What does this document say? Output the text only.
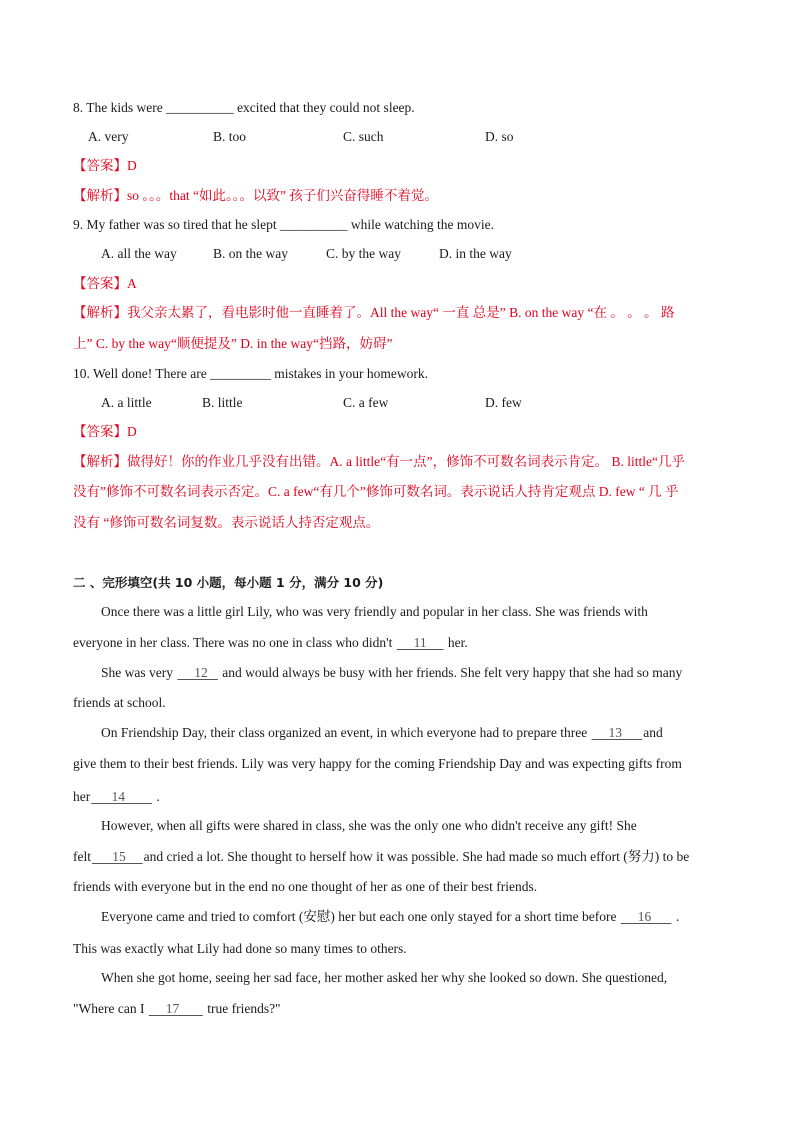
8. The kids were __________ excited that they could not sleep.
A. very	B. too	C. such	D. so
【答案】D
【解析】so 。。。that “如此。。。以致” 孩子们兴奋得睡不着觉。
9. My father was so tired that he slept __________ while watching the movie.
A. all the way	B. on the way	C. by the way	D. in the way
【答案】A
【解析】我父亲太累了，看电影时他一直睡着了。All the way“ 一直 总是” B. on the way “在 。 。 。 路
上” C. by the way“顺便提及” D. in the way“挡路，妨碍”
10. Well done! There are _________ mistakes in your homework.
A. a little	B. little	C. a few	D. few
【答案】D
【解析】做得好！你的作业几乎没有出错。A. a little“有一点”，修饰不可数名词表示肯定。 B. little“几乎
没有”修饰不可数名词表示否定。C. a few“有几个”修饰可数名词。表示说话人持肯定观点 D. few “ 几 乎
没有 “修饰可数名词复数。表示说话人持否定观点。
二 、完形填空(共 10 小题，每小题 1 分，满分 10 分)
Once there was a little girl Lily, who was very friendly and popular in her class. She was friends with
everyone in her class. There was no one in class who didn't      11      her.
She was very      12    and would always be busy with her friends. She felt very happy that she had so many
friends at school.
On Friendship Day, their class organized an event, in which everyone had to prepare three      13      and
give them to their best friends. Lily was very happy for the coming Friendship Day and was expecting gifts from
her      14         .
However, when all gifts were shared in class, she was the only one who didn't receive any gift! She
felt      15     and cried a lot. She thought to herself how it was possible. She had made so much effort (努力) to be
friends with everyone but in the end no one thought of her as one of their best friends.
Everyone came and tried to comfort (安慰) her but each one only stayed for a short time before      16       .
This was exactly what Lily had done so many times to others.
When she got home, seeing her sad face, her mother asked her why she looked so down. She questioned,
"Where can I      17        true friends?"
